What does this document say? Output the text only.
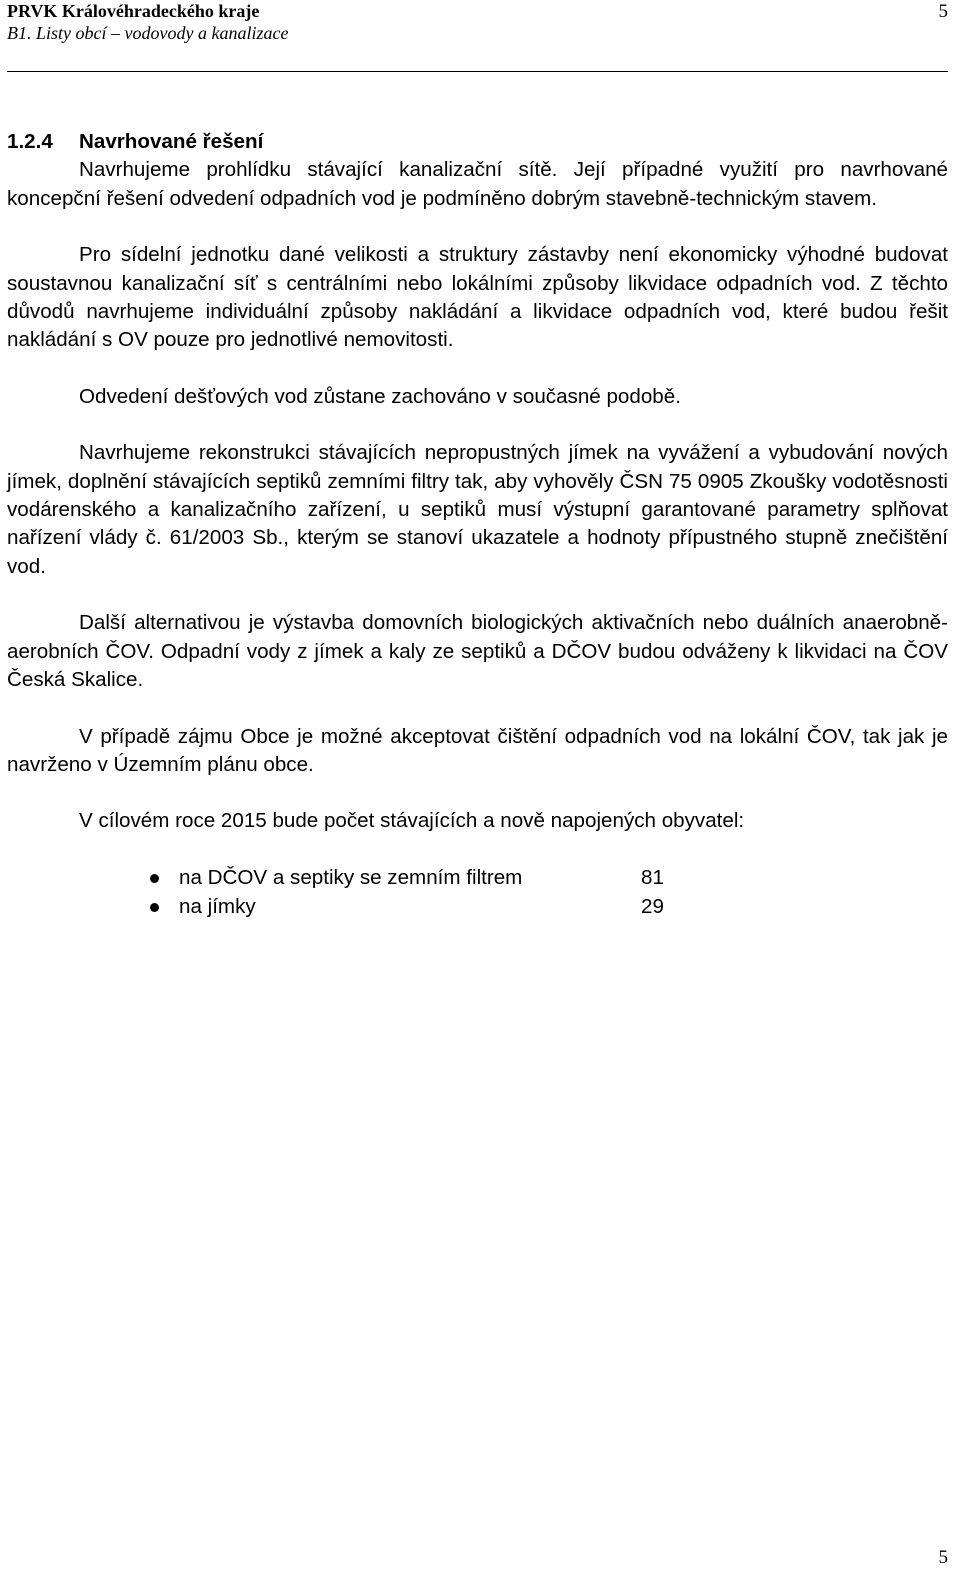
PRVK Královéhradeckého kraje
B1. Listy obcí – vodovody a kanalizace
5
1.2.4 Navrhované řešení

Navrhujeme prohlídku stávající kanalizační sítě. Její případné využití pro navrhované koncepční řešení odvedení odpadních vod je podmíněno dobrým stavebně-technickým stavem.

Pro sídelní jednotku dané velikosti a struktury zástavby není ekonomicky výhodné budovat soustavnou kanalizační síť s centrálními nebo lokálními způsoby likvidace odpadních vod. Z těchto důvodů navrhujeme individuální způsoby nakládání a likvidace odpadních vod, které budou řešit nakládání s OV pouze pro jednotlivé nemovitosti.

Odvedení dešťových vod zůstane zachováno v současné podobě.

Navrhujeme rekonstrukci stávajících nepropustných jímek na vyvážení a vybudování nových jímek, doplnění stávajících septiků zemními filtry tak, aby vyhověly ČSN 75 0905 Zkoušky vodotěsnosti vodárenského a kanalizačního zařízení, u septiků musí výstupní garantované parametry splňovat nařízení vlády č. 61/2003 Sb., kterým se stanoví ukazatele a hodnoty přípustného stupně znečištění vod.

Další alternativou je výstavba domovních biologických aktivačních nebo duálních anaerobně-aerobních ČOV. Odpadní vody z jímek a kaly ze septiků a DČOV budou odváženy k likvidaci na ČOV Česká Skalice.

V případě zájmu Obce je možné akceptovat čištění odpadních vod na lokální ČOV, tak jak je navrženo v Územním plánu obce.

V cílovém roce 2015 bude počet stávajících a nově napojených obyvatel:

na DČOV a septiky se zemním filtrem	81
na jímky	29
5
